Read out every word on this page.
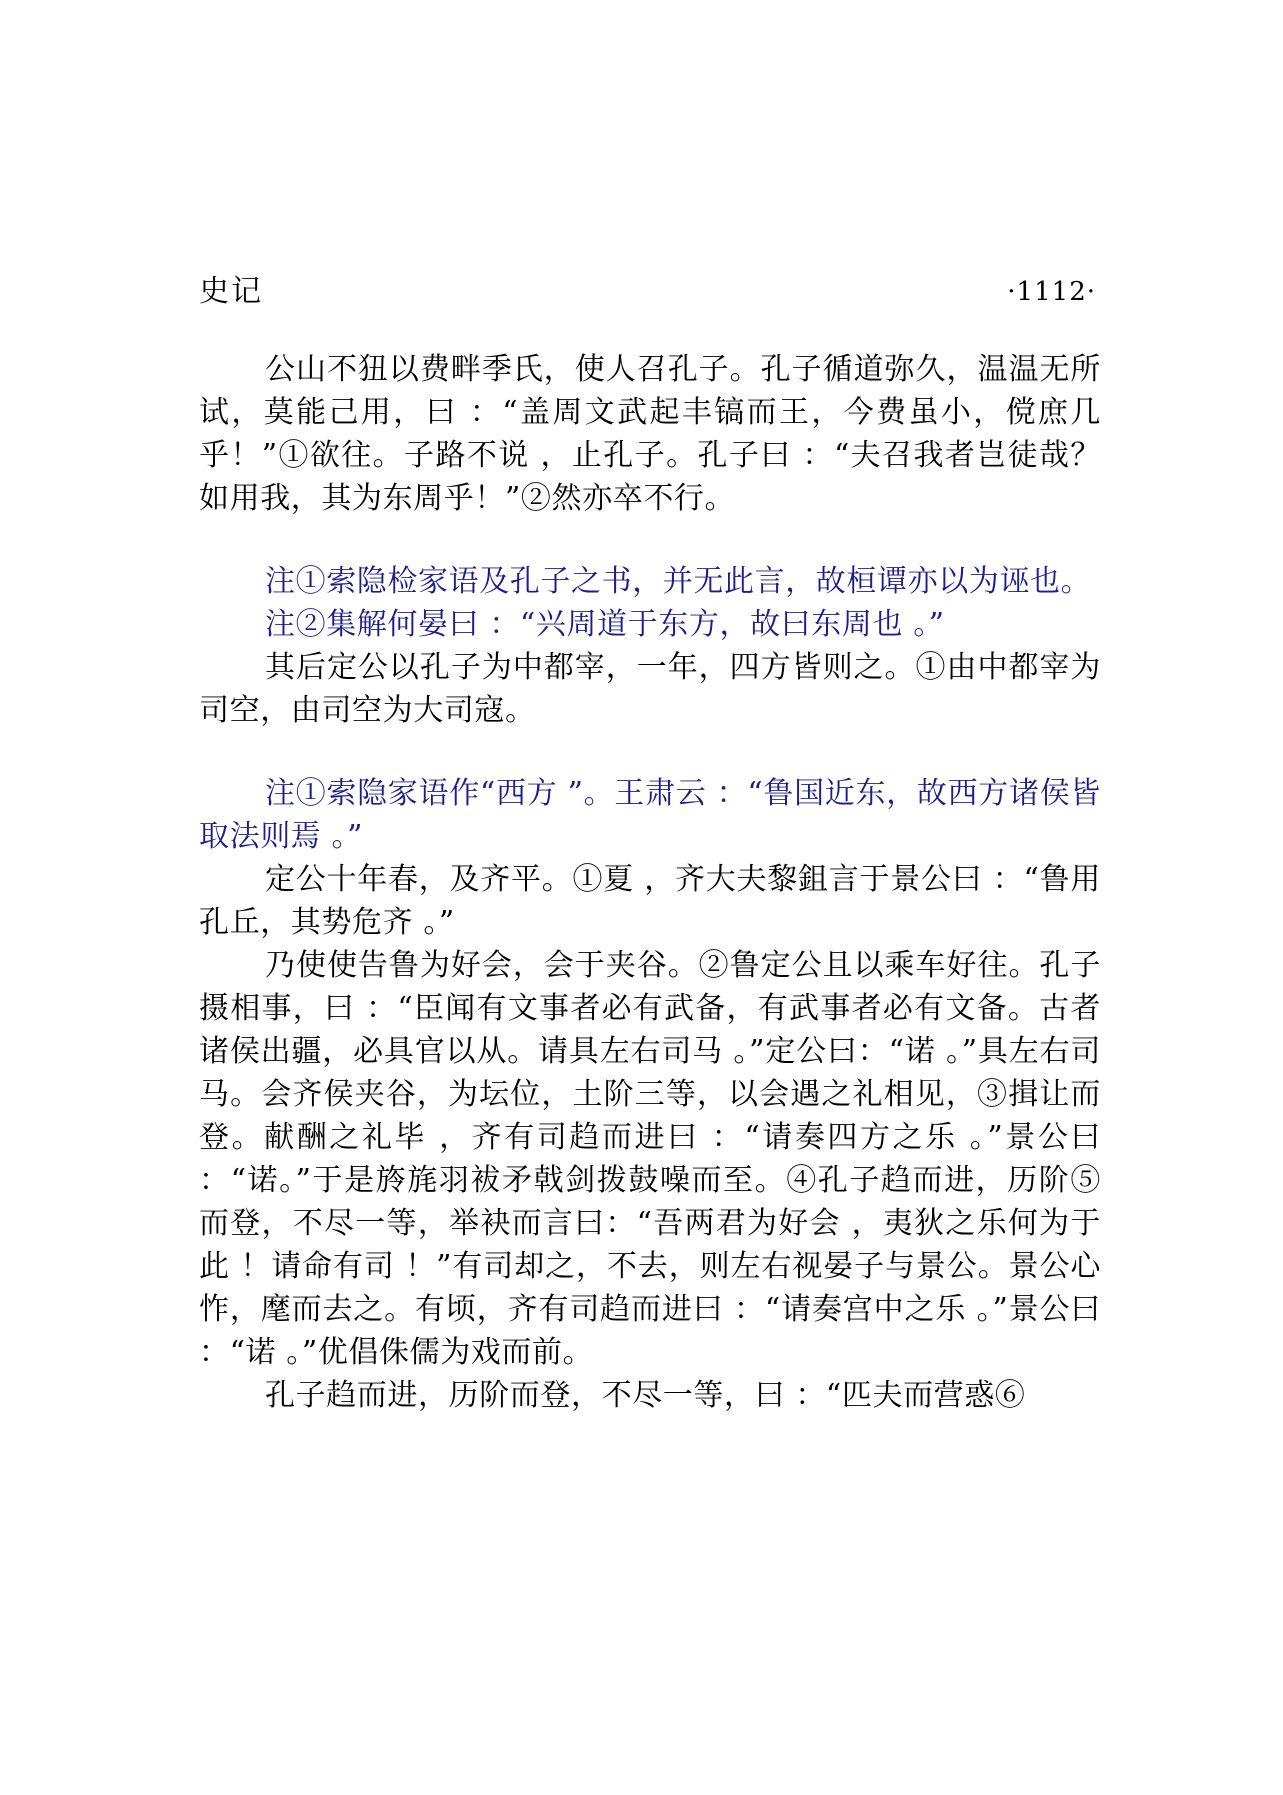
史记	·1112·

公山不狃以费畔季氏，使人召孔子。孔子循道弥久，温温无所试，莫能己用，曰 ：“盖周文武起丰镐而王，今费虽小，傥庶几乎！”①欲往。子路不说 ，止孔子。孔子曰 ：“夫召我者岂徒哉？如用我，其为东周乎！”②然亦卒不行。

注①索隐检家语及孔子之书，并无此言，故桓谭亦以为诬也。

注②集解何晏曰 ：“兴周道于东方，故曰东周也 。”

其后定公以孔子为中都宰，一年，四方皆则之。①由中都宰为司空，由司空为大司寇。

注①索隐家语作“西方 ”。王肃云 ：“鲁国近东，故西方诸侯皆取法则焉 。”

定公十年春，及齐平。①夏 ，齐大夫黎鉏言于景公曰 ：“鲁用孔丘，其势危齐 。”

乃使使告鲁为好会，会于夹谷。②鲁定公且以乘车好往。孔子摄相事，曰 ：“臣闻有文事者必有武备，有武事者必有文备。古者诸侯出疆，必具官以从。请具左右司马 。”定公曰：“诺 。”具左右司马。会齐侯夹谷，为坛位，土阶三等，以会遇之礼相见，③揖让而登。献酬之礼毕 ，齐有司趋而进曰 ：“请奏四方之乐 。”景公曰 ：“诺。”于是旍旄羽袚矛戟剑拨鼓噪而至。④孔子趋而进，历阶⑤而登，不尽一等，举袂而言曰：“吾两君为好会 ，夷狄之乐何为于此 ！请命有司 ！”有司却之，不去，则左右视晏子与景公。景公心怍，麾而去之。有顷，齐有司趋而进曰 ：“请奏宫中之乐 。”景公曰 ：“诺 。”优倡侏儒为戏而前。

孔子趋而进，历阶而登，不尽一等，曰 ：“匹夫而营惑⑥
